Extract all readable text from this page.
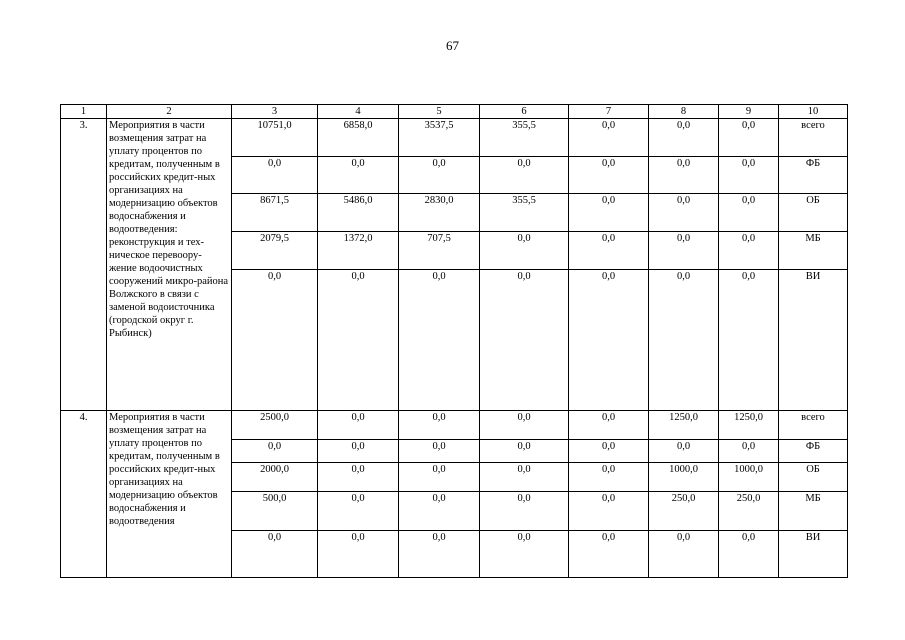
67
1	2	3	4	5	6	7	8	9	10
3.	Мероприятия в части возмещения затрат на уплату процентов по кредитам, полученным в российских кредит-ных организациях на модернизацию объектов водоснабжения и водоотведения: реконструкция и тех-ническое перевоору-жение водоочистных сооружений микро-района Волжского в связи с заменой водоисточника (городской округ г. Рыбинск)	10751,0	6858,0	3537,5	355,5	0,0	0,0	0,0	всего
		0,0	0,0	0,0	0,0	0,0	0,0	0,0	ФБ
		8671,5	5486,0	2830,0	355,5	0,0	0,0	0,0	ОБ
		2079,5	1372,0	707,5	0,0	0,0	0,0	0,0	МБ
		0,0	0,0	0,0	0,0	0,0	0,0	0,0	ВИ
4.	Мероприятия в части возмещения затрат на уплату процентов по кредитам, полученным в российских кредит-ных организациях на модернизацию объектов водоснабжения и водоотведения	2500,0	0,0	0,0	0,0	0,0	1250,0	1250,0	всего
		0,0	0,0	0,0	0,0	0,0	0,0	0,0	ФБ
		2000,0	0,0	0,0	0,0	0,0	1000,0	1000,0	ОБ
		500,0	0,0	0,0	0,0	0,0	250,0	250,0	МБ
		0,0	0,0	0,0	0,0	0,0	0,0	0,0	ВИ
